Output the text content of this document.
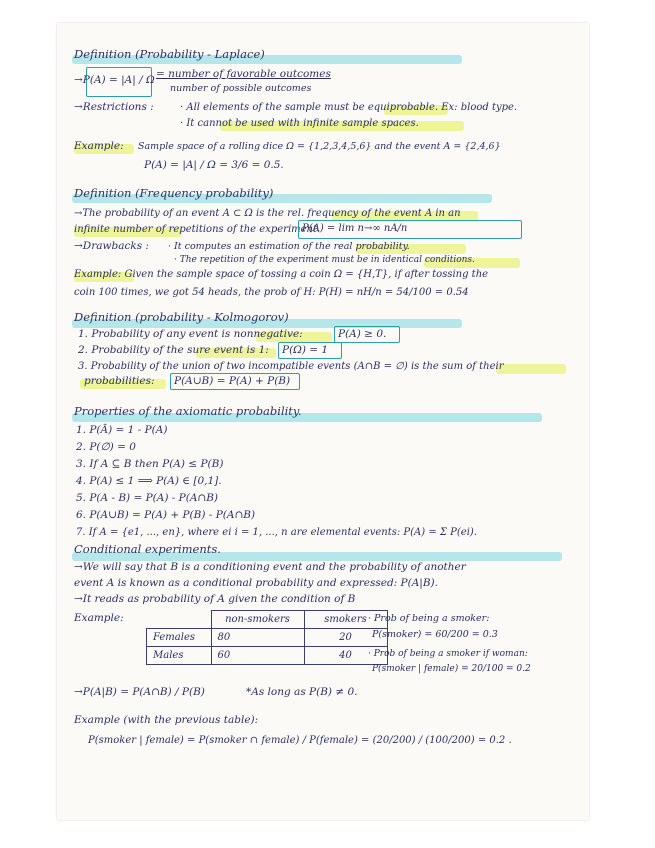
Definition (Probability - Laplace)
→P(A) = |A| / Ω = number of favorable outcomes
number of possible outcomes
→Restrictions :	· All elements of the sample must be equiprobable. Ex: blood type.
· It cannot be used with infinite sample spaces.
Example: Sample space of a rolling dice Ω = {1,2,3,4,5,6} and the event A = {2,4,6}
P(A) = |A| / Ω = 3/6 = 0.5.
Definition (Frequency probability)
→The probability of an event A ⊂ Ω is the rel. frequency of the event A in an
infinite number of repetitions of the experiment.
P(A) = lim n→∞ nA/n
→Drawbacks : · It computes an estimation of the real probability.
· The repetition of the experiment must be in identical conditions.
Example: Given the sample space of tossing a coin Ω = {H,T}, if after tossing the
coin 100 times, we got 54 heads, the prob of H: P(H) = nH/n = 54/100 = 0.54
Definition (probability - Kolmogorov)
1. Probability of any event is nonnegative:	P(A) ≥ 0.
2. Probability of the sure event is 1: P(Ω) = 1
3. Probability of the union of two incompatible events (A∩B = ∅) is the sum of their
probabilities: P(A∪B) = P(A) + P(B)
Properties of the axiomatic probability.
1. P(Ā) = 1 - P(A)
2. P(∅) = 0
3. If A ⊆ B then P(A) ≤ P(B)
4. P(A) ≤ 1 ⟹ P(A) ∈ [0,1].
5. P(A - B) = P(A) - P(A∩B)
6. P(A∪B) = P(A) + P(B) - P(A∩B)
7. If A = {e1, ..., en}, where ei i = 1, ..., n are elemental events: P(A) = Σ P(ei).
Conditional experiments.
→We will say that B is a conditioning event and the probability of another
event A is known as a conditional probability and expressed: P(A|B).
→It reads as probability of A given the condition of B
Example:
		non-smokers	smokers
Females	80	20
Males	60	40
· Prob of being a smoker:
P(smoker) = 60/200 = 0.3
· Prob of being a smoker if woman:
P(smoker | female) = 20/100 = 0.2
→P(A|B) = P(A∩B) / P(B)	*As long as P(B) ≠ 0.
Example (with the previous table):
P(smoker | female) = P(smoker ∩ female) / P(female) = (20/200) / (100/200) = 0.2 .
